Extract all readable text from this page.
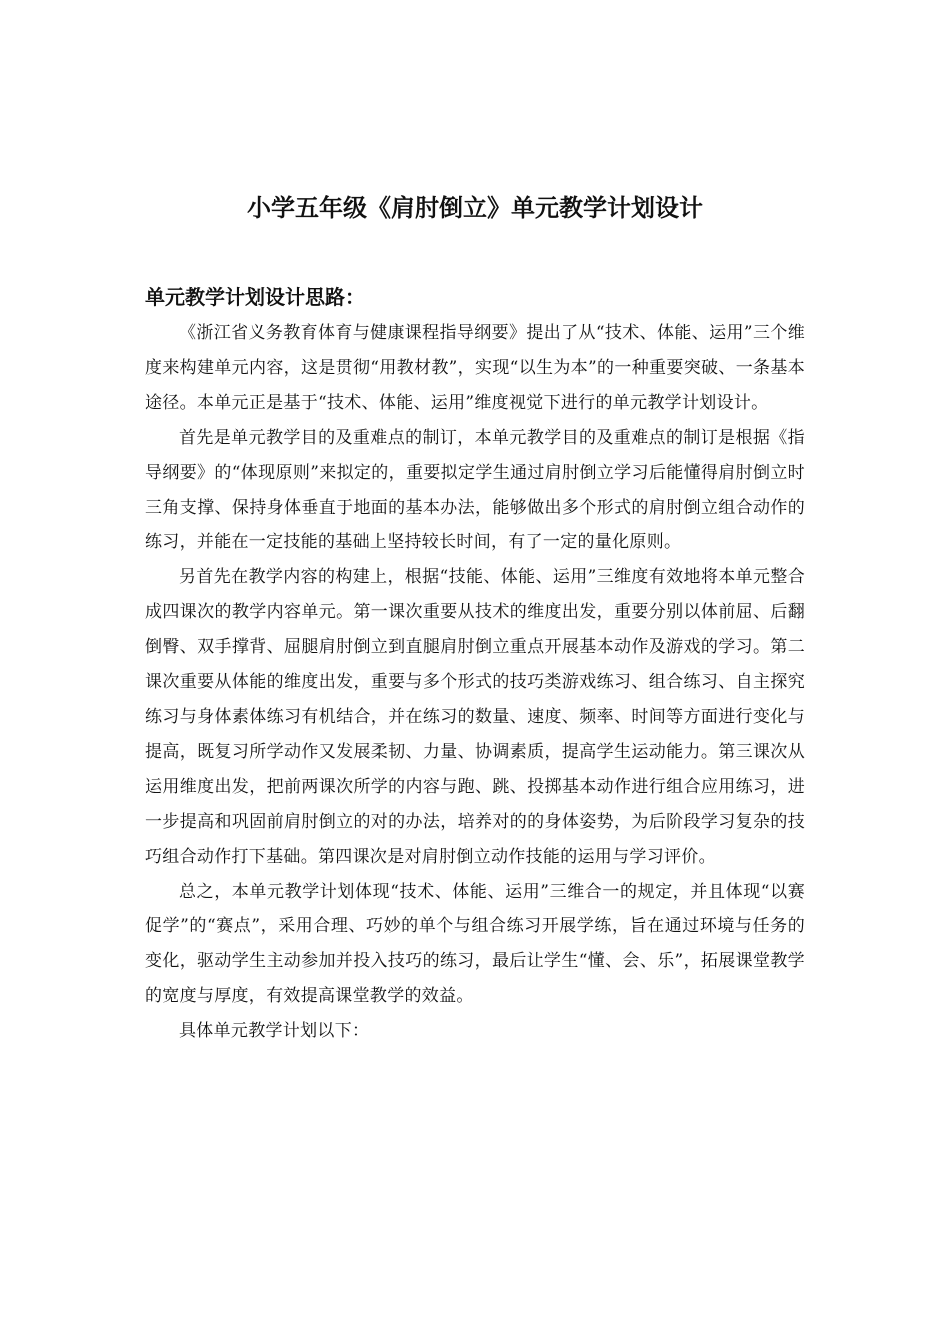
小学五年级《肩肘倒立》单元教学计划设计
单元教学计划设计思路：

《浙江省义务教育体育与健康课程指导纲要》提出了从“技术、体能、运用”三个维度来构建单元内容，这是贯彻“用教材教”，实现“以生为本”的一种重要突破、一条基本途径。本单元正是基于“技术、体能、运用”维度视觉下进行的单元教学计划设计。

首先是单元教学目的及重难点的制订，本单元教学目的及重难点的制订是根据《指导纲要》的“体现原则”来拟定的，重要拟定学生通过肩肘倒立学习后能懂得肩肘倒立时三角支撑、保持身体垂直于地面的基本办法，能够做出多个形式的肩肘倒立组合动作的练习，并能在一定技能的基础上坚持较长时间，有了一定的量化原则。

另首先在教学内容的构建上，根据“技能、体能、运用”三维度有效地将本单元整合成四课次的教学内容单元。第一课次重要从技术的维度出发，重要分别以体前屈、后翻倒臀、双手撑背、屈腿肩肘倒立到直腿肩肘倒立重点开展基本动作及游戏的学习。第二课次重要从体能的维度出发，重要与多个形式的技巧类游戏练习、组合练习、自主探究练习与身体素体练习有机结合，并在练习的数量、速度、频率、时间等方面进行变化与提高，既复习所学动作又发展柔韧、力量、协调素质，提高学生运动能力。第三课次从运用维度出发，把前两课次所学的内容与跑、跳、投掷基本动作进行组合应用练习，进一步提高和巩固前肩肘倒立的对的办法，培养对的的身体姿势，为后阶段学习复杂的技巧组合动作打下基础。第四课次是对肩肘倒立动作技能的运用与学习评价。

总之，本单元教学计划体现“技术、体能、运用”三维合一的规定，并且体现“以赛促学”的“赛点”，采用合理、巧妙的单个与组合练习开展学练，旨在通过环境与任务的变化，驱动学生主动参加并投入技巧的练习，最后让学生“懂、会、乐”，拓展课堂教学的宽度与厚度，有效提高课堂教学的效益。

具体单元教学计划以下：
